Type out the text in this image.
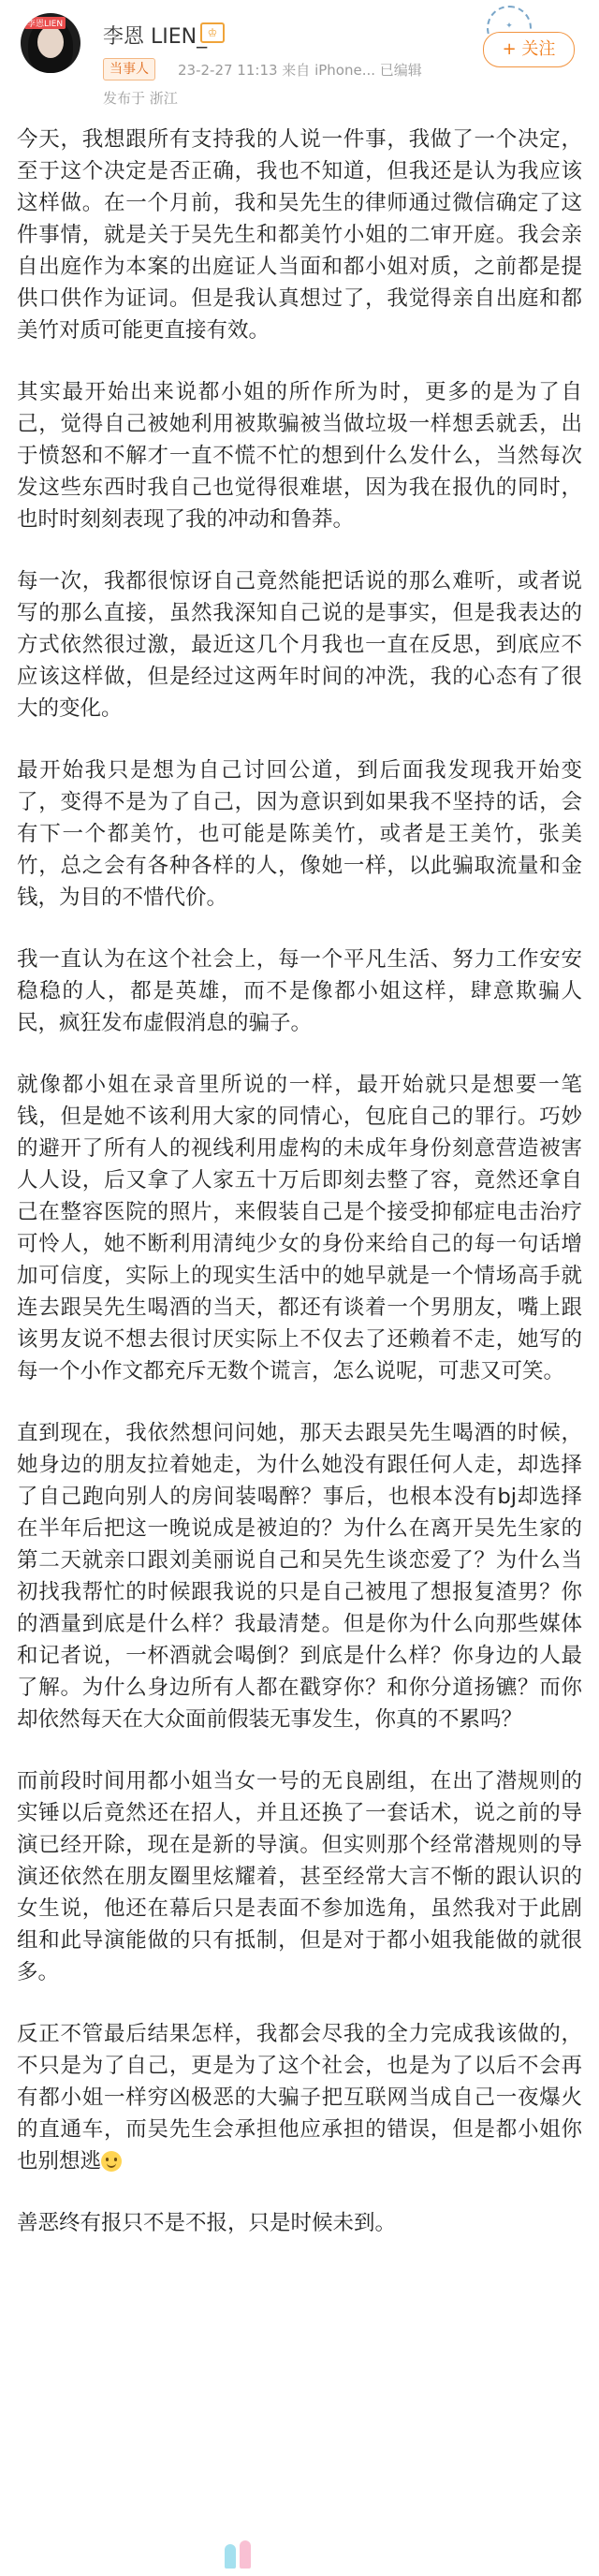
李恩LIEN
李恩 LIEN_ ♔
当事人	23-2-27 11:13 来自 iPhone... 已编辑
发布于 浙江
✦
+ 关注

今天，我想跟所有支持我的人说一件事，我做了一个决定，至于这个决定是否正确，我也不知道，但我还是认为我应该这样做。在一个月前，我和吴先生的律师通过微信确定了这件事情，就是关于吴先生和都美竹小姐的二审开庭。我会亲自出庭作为本案的出庭证人当面和都小姐对质，之前都是提供口供作为证词。但是我认真想过了，我觉得亲自出庭和都美竹对质可能更直接有效。

其实最开始出来说都小姐的所作所为时，更多的是为了自己，觉得自己被她利用被欺骗被当做垃圾一样想丢就丢，出于愤怒和不解才一直不慌不忙的想到什么发什么，当然每次发这些东西时我自己也觉得很难堪，因为我在报仇的同时，也时时刻刻表现了我的冲动和鲁莽。

每一次，我都很惊讶自己竟然能把话说的那么难听，或者说写的那么直接，虽然我深知自己说的是事实，但是我表达的方式依然很过激，最近这几个月我也一直在反思，到底应不应该这样做，但是经过这两年时间的冲洗，我的心态有了很大的变化。

最开始我只是想为自己讨回公道，到后面我发现我开始变了，变得不是为了自己，因为意识到如果我不坚持的话，会有下一个都美竹，也可能是陈美竹，或者是王美竹，张美竹，总之会有各种各样的人，像她一样，以此骗取流量和金钱，为目的不惜代价。

我一直认为在这个社会上，每一个平凡生活、努力工作安安稳稳的人，都是英雄，而不是像都小姐这样，肆意欺骗人民，疯狂发布虚假消息的骗子。

就像都小姐在录音里所说的一样，最开始就只是想要一笔钱，但是她不该利用大家的同情心，包庇自己的罪行。巧妙的避开了所有人的视线利用虚构的未成年身份刻意营造被害人人设，后又拿了人家五十万后即刻去整了容，竟然还拿自己在整容医院的照片，来假装自己是个接受抑郁症电击治疗可怜人，她不断利用清纯少女的身份来给自己的每一句话增加可信度，实际上的现实生活中的她早就是一个情场高手就连去跟吴先生喝酒的当天，都还有谈着一个男朋友，嘴上跟该男友说不想去很讨厌实际上不仅去了还赖着不走，她写的每一个小作文都充斥无数个谎言，怎么说呢，可悲又可笑。

直到现在，我依然想问问她，那天去跟吴先生喝酒的时候，她身边的朋友拉着她走，为什么她没有跟任何人走，却选择了自己跑向别人的房间装喝醉？事后，也根本没有bj却选择在半年后把这一晚说成是被迫的？为什么在离开吴先生家的第二天就亲口跟刘美丽说自己和吴先生谈恋爱了？为什么当初找我帮忙的时候跟我说的只是自己被甩了想报复渣男？你的酒量到底是什么样？我最清楚。但是你为什么向那些媒体和记者说，一杯酒就会喝倒？到底是什么样？你身边的人最了解。为什么身边所有人都在戳穿你？和你分道扬镳？而你却依然每天在大众面前假装无事发生，你真的不累吗？

而前段时间用都小姐当女一号的无良剧组，在出了潜规则的实锤以后竟然还在招人，并且还换了一套话术，说之前的导演已经开除，现在是新的导演。但实则那个经常潜规则的导演还依然在朋友圈里炫耀着，甚至经常大言不惭的跟认识的女生说，他还在幕后只是表面不参加选角，虽然我对于此剧组和此导演能做的只有抵制，但是对于都小姐我能做的就很多。

反正不管最后结果怎样，我都会尽我的全力完成我该做的，不只是为了自己，更是为了这个社会，也是为了以后不会再有都小姐一样穷凶极恶的大骗子把互联网当成自己一夜爆火的直通车，而吴先生会承担他应承担的错误，但是都小姐你也别想逃

善恶终有报只不是不报，只是时候未到。
